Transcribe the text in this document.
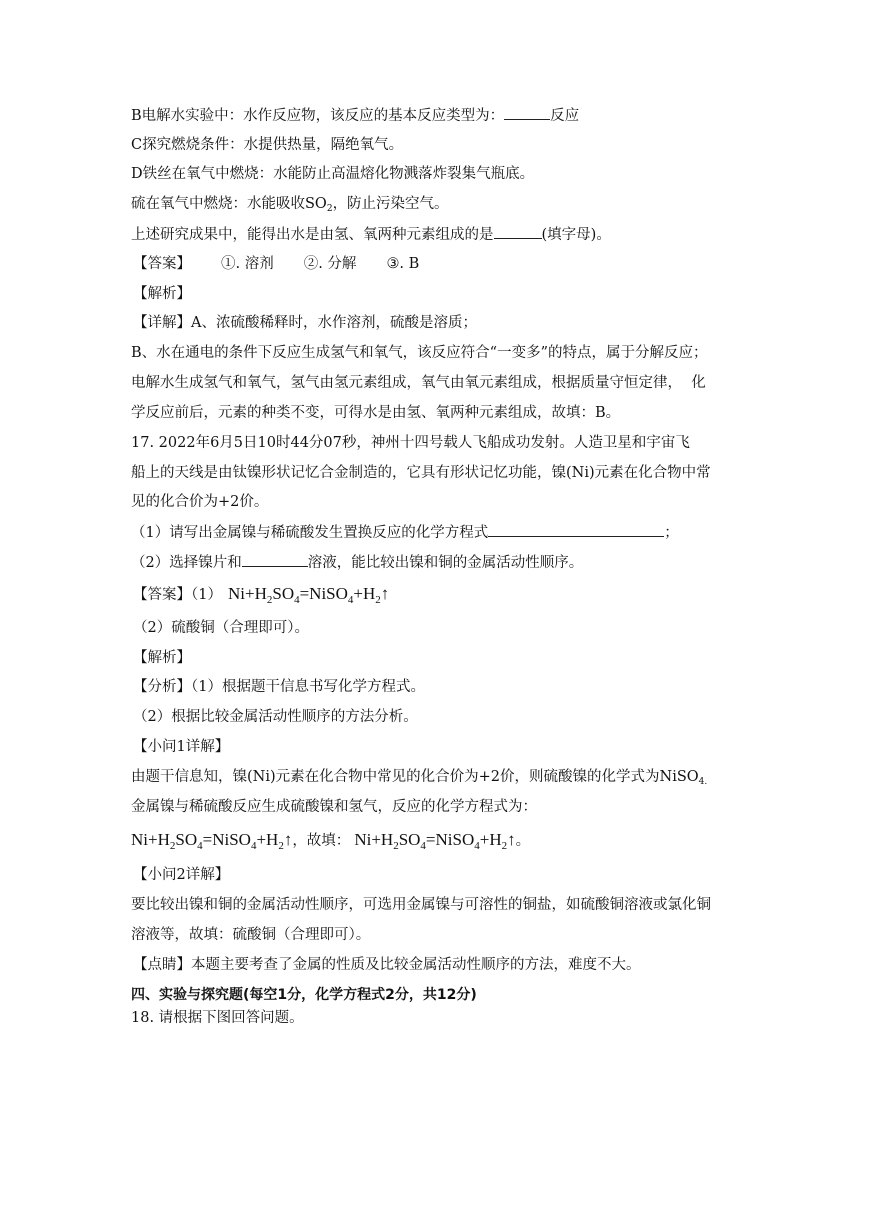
B电解水实验中：水作反应物，该反应的基本反应类型为：	反应
C探究燃烧条件：水提供热量，隔绝氧气。
D铁丝在氧气中燃烧：水能防止高温熔化物溅落炸裂集气瓶底。
硫在氧气中燃烧：水能吸收$SO_2$，防止污染空气。
上述研究成果中，能得出水是由氢、氧两种元素组成的是	(填字母)。
【答案】 ①. 溶剂 ②. 分解 ③. B
【解析】
【详解】A、浓硫酸稀释时，水作溶剂，硫酸是溶质；
B、水在通电的条件下反应生成氢气和氧气，该反应符合“一变多”的特点，属于分解反应；
电解水生成氢气和氧气，氢气由氢元素组成，氧气由氧元素组成，根据质量守恒定律，  化
学反应前后，元素的种类不变，可得水是由氢、氧两种元素组成，故填：B。
17. 2022年6月5日10时44分07秒，神州十四号载人飞船成功发射。人造卫星和宇宙飞
船上的天线是由钛镍形状记忆合金制造的，它具有形状记忆功能，镍(Ni)元素在化合物中常
见的化合价为+2价。
（1）请写出金属镍与稀硫酸发生置换反应的化学方程式	；
（2）选择镍片和	溶液，能比较出镍和铜的金属活动性顺序。
【答案】（1） $Ni+H_2SO_4=NiSO_4+H_2↑$
（2）硫酸铜（合理即可）。
【解析】
【分析】（1）根据题干信息书写化学方程式。
（2）根据比较金属活动性顺序的方法分析。
【小问1详解】
由题干信息知，镍(Ni)元素在化合物中常见的化合价为+2价，则硫酸镍的化学式为NiSO$_{4.}$
金属镍与稀硫酸反应生成硫酸镍和氢气，反应的化学方程式为：
$Ni+H_2SO_4=NiSO_4+H_2↑$，故填： $Ni+H_2SO_4=NiSO_4+H_2↑$。
【小问2详解】
要比较出镍和铜的金属活动性顺序，可选用金属镍与可溶性的铜盐，如硫酸铜溶液或氯化铜
溶液等，故填：硫酸铜（合理即可）。
【点睛】本题主要考查了金属的性质及比较金属活动性顺序的方法，难度不大。
四、实验与探究题(每空1分，化学方程式2分，共12分)
18. 请根据下图回答问题。
